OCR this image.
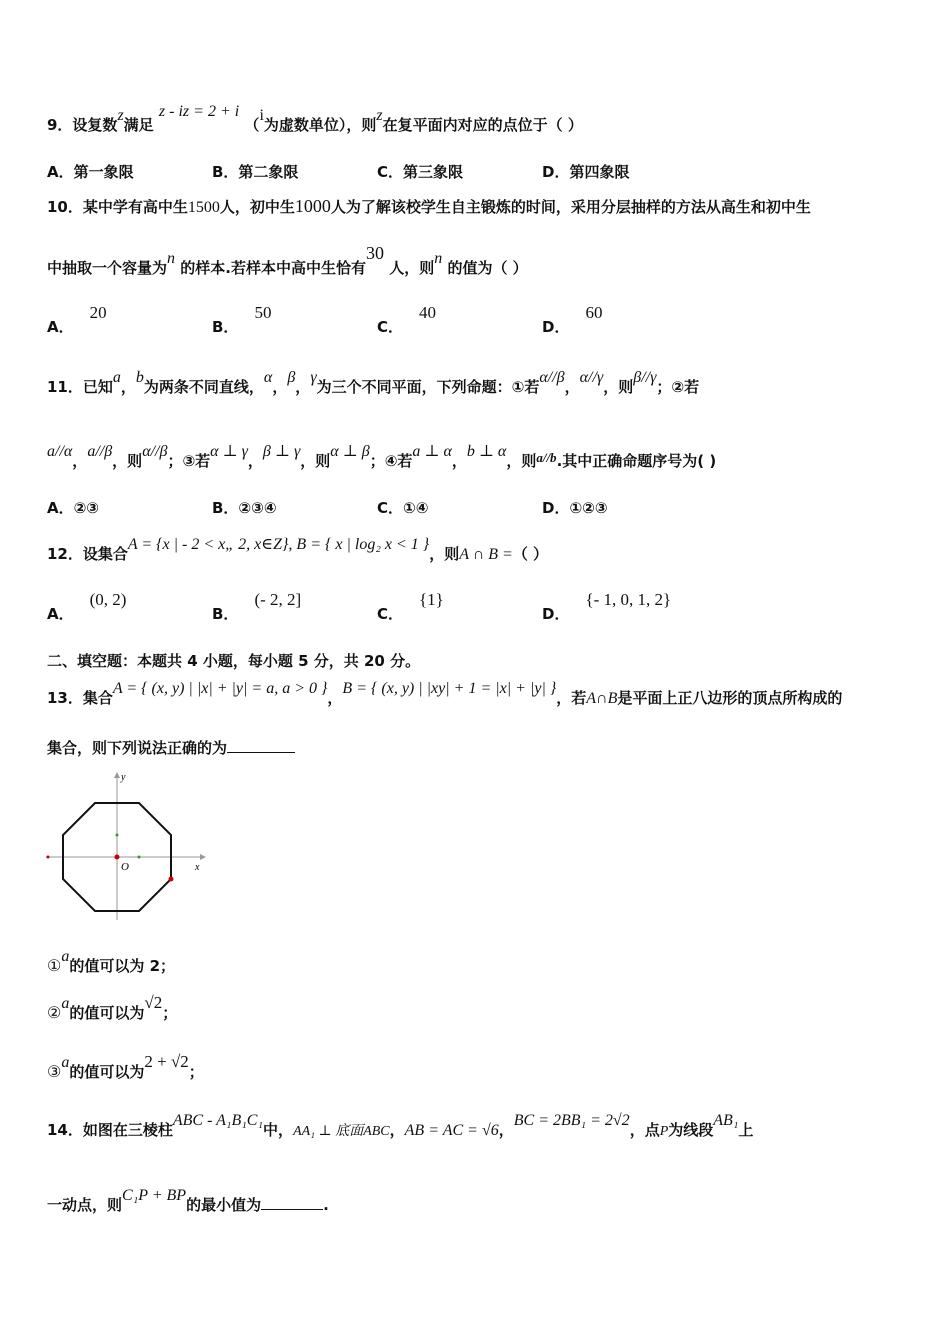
9．设复数z满足 z - iz = 2 + i （i为虚数单位），则z在复平面内对应的点位于（ ）
A．第一象限	B．第二象限	C．第三象限	D．第四象限
10．某中学有高中生1500人，初中生1000人为了解该校学生自主锻炼的时间，采用分层抽样的方法从高生和初中生
中抽取一个容量为n 的样本.若样本中高中生恰有30 人，则n 的值为（ ）
A．20
B．50
C．40
D．60
11．已知a，b为两条不同直线，α，β，γ为三个不同平面，下列命题：①若α//β，α//γ，则β//γ；②若
a//α，a//β，则α//β；③若α ⊥ γ，β ⊥ γ，则α ⊥ β；④若a ⊥ α，b ⊥ α，则a//b.其中正确命题序号为( )
A．②③	B．②③④	C．①④	D．①②③
12．设集合A = {x | - 2 < x„ 2, x∈Z}, B = { x | log₂ x < 1 }，则A ∩ B =（ ）
A．(0, 2)
B．(- 2, 2]
C．{1}
D．{- 1, 0, 1, 2}
二、填空题：本题共 4 小题，每小题 5 分，共 20 分。
13．集合A = { (x, y) | |x| + |y| = a, a > 0 }，B = { (x, y) | |xy| + 1 = |x| + |y| }，若A∩B是平面上正八边形的顶点所构成的
集合，则下列说法正确的为
x
y
O
①a的值可以为 2；
②a的值可以为√2；
③a的值可以为2 + √2；
14．如图在三棱柱ABC - A₁B₁C₁中，AA₁ ⊥ 底面ABC，AB = AC = √6，BC = 2BB₁ = 2√2，点P为线段AB₁上
一动点，则C₁P + BP的最小值为	.
